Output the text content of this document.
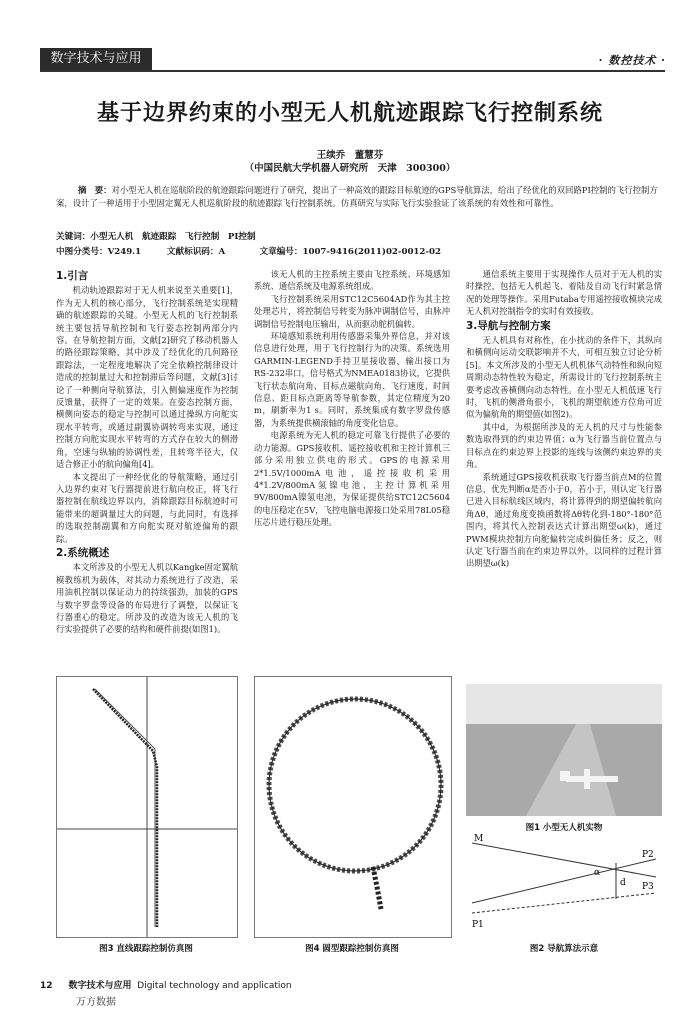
数字技术与应用	· 数控技术 ·
基于边界约束的小型无人机航迹跟踪飞行控制系统
王续乔　董慧芬
（中国民航大学机器人研究所　天津　300300）
摘　要：对小型无人机在巡航阶段的航迹跟踪问题进行了研究，提出了一种高效的跟踪目标航迹的GPS导航算法，给出了经优化的双回路PI控制的飞行控制方案，设计了一种适用于小型固定翼无人机巡航阶段的航迹跟踪飞行控制系统。仿真研究与实际飞行实验验证了该系统的有效性和可靠性。
关键词：小型无人机　航迹跟踪　飞行控制　PI控制
中图分类号：V249.1　　　文献标识码：A　　　　文章编号：1007-9416(2011)02-0012-02
1.引言

机动轨迹跟踪对于无人机来说至关重要[1]，作为无人机的核心部分，飞行控制系统是实现精确的航迹跟踪的关键。小型无人机的飞行控制系统主要包括导航控制和飞行姿态控制两部分内容。在导航控制方面，文献[2]研究了移动机器人的路径跟踪策略，其中涉及了经优化的几何路径跟踪法，一定程度地解决了完全依赖控制律设计造成的控制量过大和控制滞后等问题，文献[3]讨论了一种侧向导航算法，引入侧偏速度作为控制反馈量，获得了一定的效果。在姿态控制方面，横侧向姿态的稳定与控制可以通过操纵方向舵实现水平转弯，或通过副翼协调转弯来实现，通过控制方向舵实现水平转弯的方式存在较大的侧滑角，空速与纵轴的协调性差，且转弯半径大，仅适合修正小的航向偏角[4]。

本文提出了一种经优化的导航策略，通过引入边界约束对飞行器提前进行航向校正，将飞行器控制在航线边界以内，消除跟踪目标航迹时可能带来的超调量过大的问题，与此同时，有选择的选取控制副翼和方向舵实现对航迹偏角的跟踪。

2.系统概述

本文所涉及的小型无人机以Kangke固定翼航模教练机为载体，对其动力系统进行了改造，采用油机控制以保证动力的持续强劲，加装的GPS与数字罗盘等设备的布局进行了调整，以保证飞行器重心的稳定。所涉及的改造为该无人机的飞行实验提供了必要的结构和硬件前提(如图1)。

该无人机的主控系统主要由飞控系统、环境感知系统、通信系统及电源系统组成。

飞行控制系统采用STC12C5604AD作为其主控处理芯片，将控制信号转变为脉冲调制信号，由脉冲调制信号控制电压输出，从而驱动舵机偏转。

环境感知系统利用传感器采集外界信息，并对该信息进行处理，用于飞行控制行为的决策。系统选用GARMIN-LEGEND手持卫星接收器，输出接口为RS-232串口，信号格式为NMEA0183协议，它提供飞行状态航向角、目标点磁航向角、飞行速度、时间信息、距目标点距离等导航参数，其定位精度为20 m，刷新率为1 s。同时，系统集成有数字罗盘传感器，为系统提供横滚轴的角度变化信息。

电源系统为无人机的稳定可靠飞行提供了必要的动力能源。GPS接收机、遥控接收机和主控计算机三部分采用独立供电的形式。GPS的电源采用2*1.5V/1000mA电池，遥控接收机采用4*1.2V/800mA氢镍电池，主控计算机采用9V/800mA镍氢电池，为保证提供给STC12C5604的电压稳定在5V，飞控电脑电源接口处采用78L05稳压芯片进行稳压处理。

通信系统主要用于实现操作人员对于无人机的实时操控，包括无人机起飞、着陆及自动飞行时紧急情况的处理等操作。采用Futaba专用遥控接收模块完成无人机对控制指令的实时有效接收。

3.导航与控制方案

无人机具有对称性，在小扰动的条件下，其纵向和横侧向运动交联影响并不大，可相互独立讨论分析[5]。本文所涉及的小型无人机机体气动特性和纵向短周期动态特性较为稳定，所需设计的飞行控制系统主要考虑改善横侧向动态特性。在小型无人机低速飞行时，飞机的侧滑角很小，飞机的期望航迹方位角可近似为偏航角的期望值(如图2)。

其中d，为根据所涉及的无人机的尺寸与性能参数选取得到的约束边界值；α为飞行器当前位置点与目标点在约束边界上投影的连线与该侧约束边界的夹角。

系统通过GPS接收机获取飞行器当前点M的位置信息，优先判断α是否小于0，若小于，则认定飞行器已进入目标航线区域内，将计算得到的期望偏转航向角Δθ，通过角度变换函数将Δθ转化到-180°-180°范围内，将其代入控制表达式计算出期望ω(k)，通过PWM模块控制方向舵偏转完成纠偏任务；反之，则认定飞行器当前在约束边界以外，以同样的过程计算出期望ω(k)

图1 小型无人机实物
M
P1
P2
P3
d
α
图3 直线跟踪控制仿真图	图4 圆型跟踪控制仿真图	图2 导航算法示意
12 数字技术与应用 Digital technology and application
万方数据
